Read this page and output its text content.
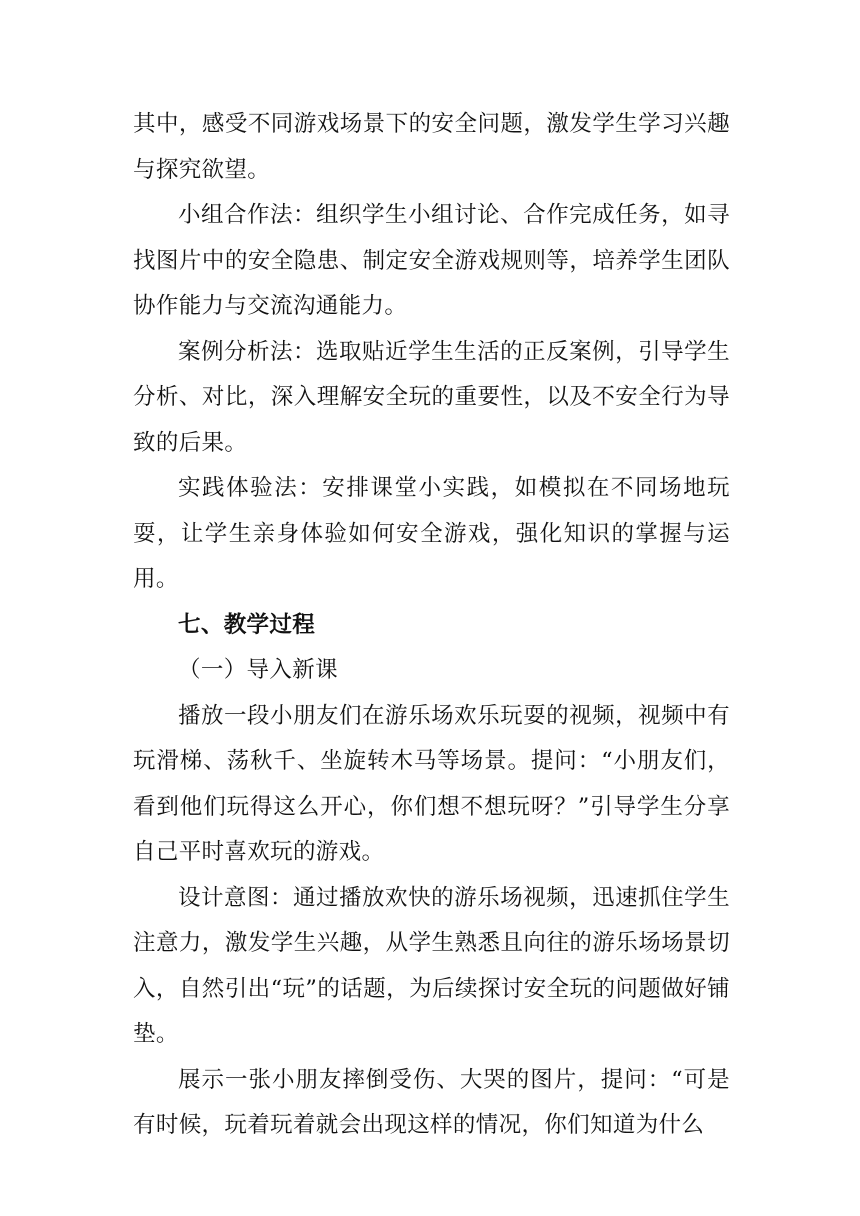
其中，感受不同游戏场景下的安全问题，激发学生学习兴趣与探究欲望。

小组合作法：组织学生小组讨论、合作完成任务，如寻找图片中的安全隐患、制定安全游戏规则等，培养学生团队协作能力与交流沟通能力。

案例分析法：选取贴近学生生活的正反案例，引导学生分析、对比，深入理解安全玩的重要性，以及不安全行为导致的后果。

实践体验法：安排课堂小实践，如模拟在不同场地玩耍，让学生亲身体验如何安全游戏，强化知识的掌握与运用。

七、教学过程

（一）导入新课

播放一段小朋友们在游乐场欢乐玩耍的视频，视频中有玩滑梯、荡秋千、坐旋转木马等场景。提问：“小朋友们，看到他们玩得这么开心，你们想不想玩呀？”引导学生分享自己平时喜欢玩的游戏。

设计意图：通过播放欢快的游乐场视频，迅速抓住学生注意力，激发学生兴趣，从学生熟悉且向往的游乐场场景切入，自然引出“玩”的话题，为后续探讨安全玩的问题做好铺垫。

展示一张小朋友摔倒受伤、大哭的图片，提问：“可是有时候，玩着玩着就会出现这样的情况，你们知道为什么
